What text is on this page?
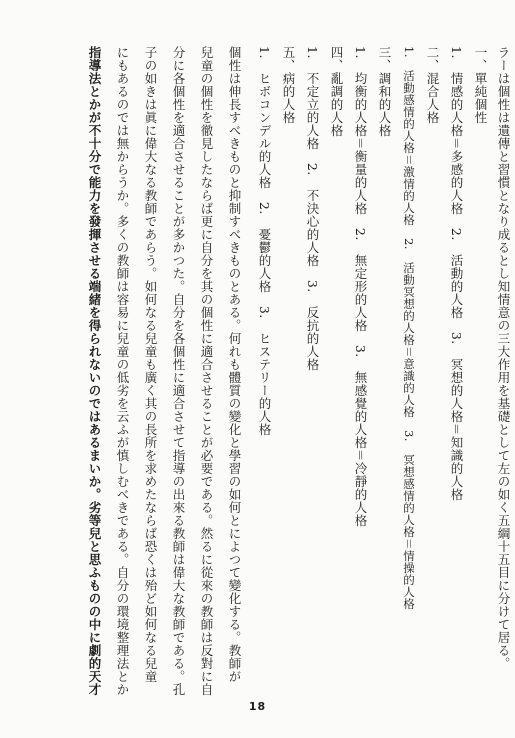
ラーは個性は遺傳と習慣となり成るとし知情意の三大作用を基礎として左の如く五綱十五目に分けて居る。
一、單純個性
1.　情感的人格＝多感的人格　2.　活動的人格　3.　冥想的人格＝知識的人格
二、混合人格
1.　活動感情的人格＝激情的人格　2.　活動冥想的人格＝意識的人格　3.　冥想感情的人格＝情操的人格
三、調和的人格
1.　均衡的人格＝衡量的人格　2.　無定形的人格　3.　無感覺的人格＝冷靜的人格
四、亂調的人格
1.　不定立的人格　2.　不決心的人格　3.　反抗的人格
五、病的人格
1.　ヒボコンデル的人格　2.　憂鬱的人格　3.　ヒステリー的人格
個性は伸長すべきものと抑制すべきものとある。何れも體質の變化と學習の如何とによつて變化する。教師が
兒童の個性を徹見したならば更に自分を其の個性に適合させることが必要である。然るに從來の教師は反對に自
分に各個性を適合させることが多かつた。自分を各個性に適合させて指導の出來る教師は偉大な教師である。孔
子の如きは眞に偉大なる教師であらう。如何なる兒童も廣く其の長所を求めたならば恐くは殆ど如何なる兒童
にもあるのでは無からうか。多くの教師は容易に兒童の低劣を云ふが慎しむべきである。自分の環境整理法とか
指導法とかが不十分で能力を發揮させる端緒を得られないのではあるまいか。劣等兒と思ふものの中に劇的天才
18
